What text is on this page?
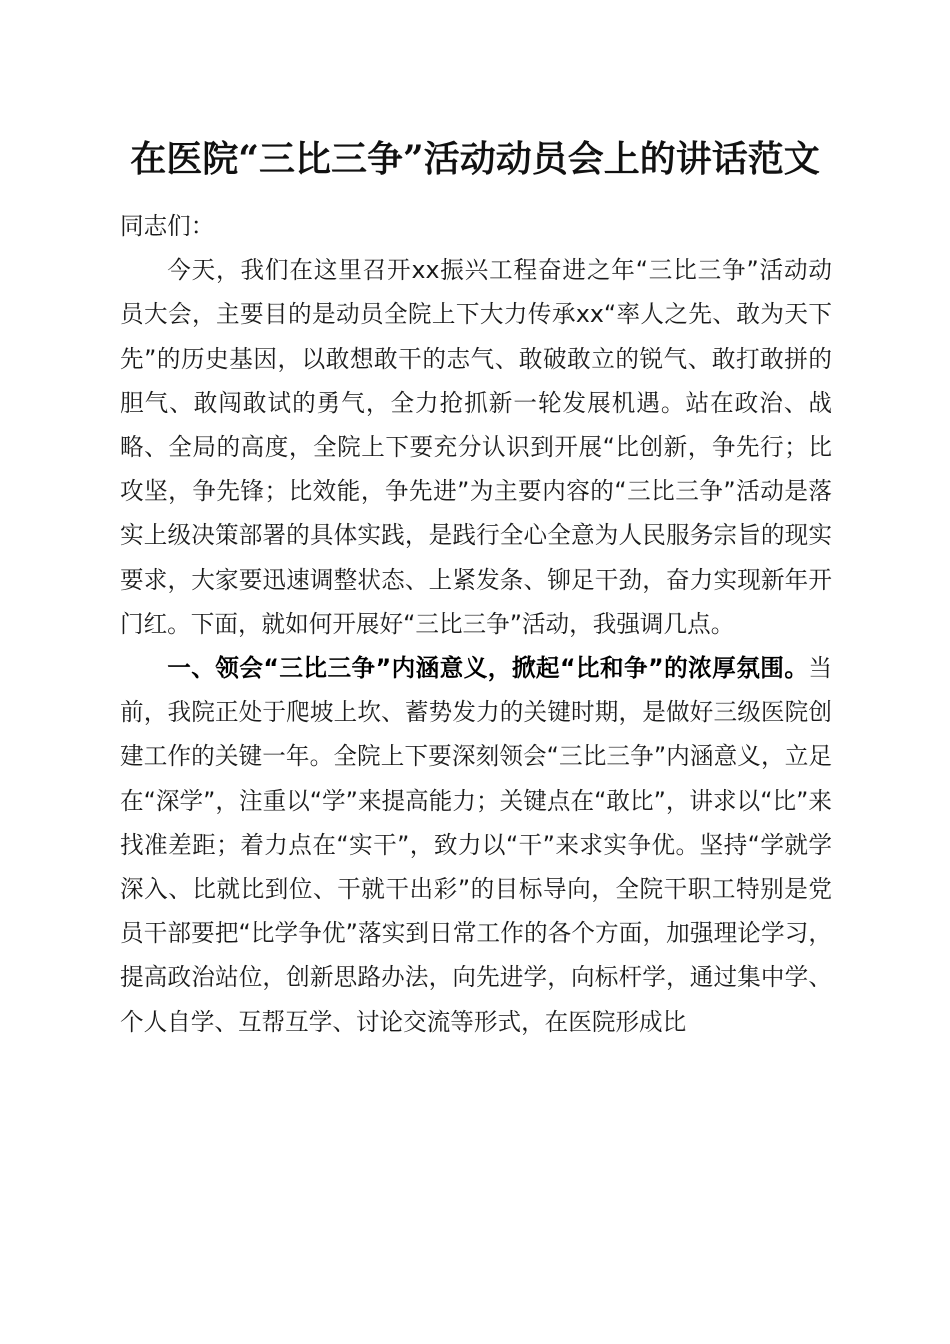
在医院“三比三争”活动动员会上的讲话范文

同志们：

今天，我们在这里召开xx振兴工程奋进之年“三比三争”活动动员大会，主要目的是动员全院上下大力传承xx“率人之先、敢为天下先”的历史基因，以敢想敢干的志气、敢破敢立的锐气、敢打敢拼的胆气、敢闯敢试的勇气，全力抢抓新一轮发展机遇。站在政治、战略、全局的高度，全院上下要充分认识到开展“比创新，争先行；比攻坚，争先锋；比效能，争先进”为主要内容的“三比三争”活动是落实上级决策部署的具体实践，是践行全心全意为人民服务宗旨的现实要求，大家要迅速调整状态、上紧发条、铆足干劲，奋力实现新年开门红。下面，就如何开展好“三比三争”活动，我强调几点。

一、领会“三比三争”内涵意义，掀起“比和争”的浓厚氛围。当前，我院正处于爬坡上坎、蓄势发力的关键时期，是做好三级医院创建工作的关键一年。全院上下要深刻领会“三比三争”内涵意义，立足在“深学”，注重以“学”来提高能力；关键点在“敢比”，讲求以“比”来找准差距；着力点在“实干”，致力以“干”来求实争优。坚持“学就学深入、比就比到位、干就干出彩”的目标导向，全院干职工特别是党员干部要把“比学争优”落实到日常工作的各个方面，加强理论学习，提高政治站位，创新思路办法，向先进学，向标杆学，通过集中学、个人自学、互帮互学、讨论交流等形式，在医院形成比
